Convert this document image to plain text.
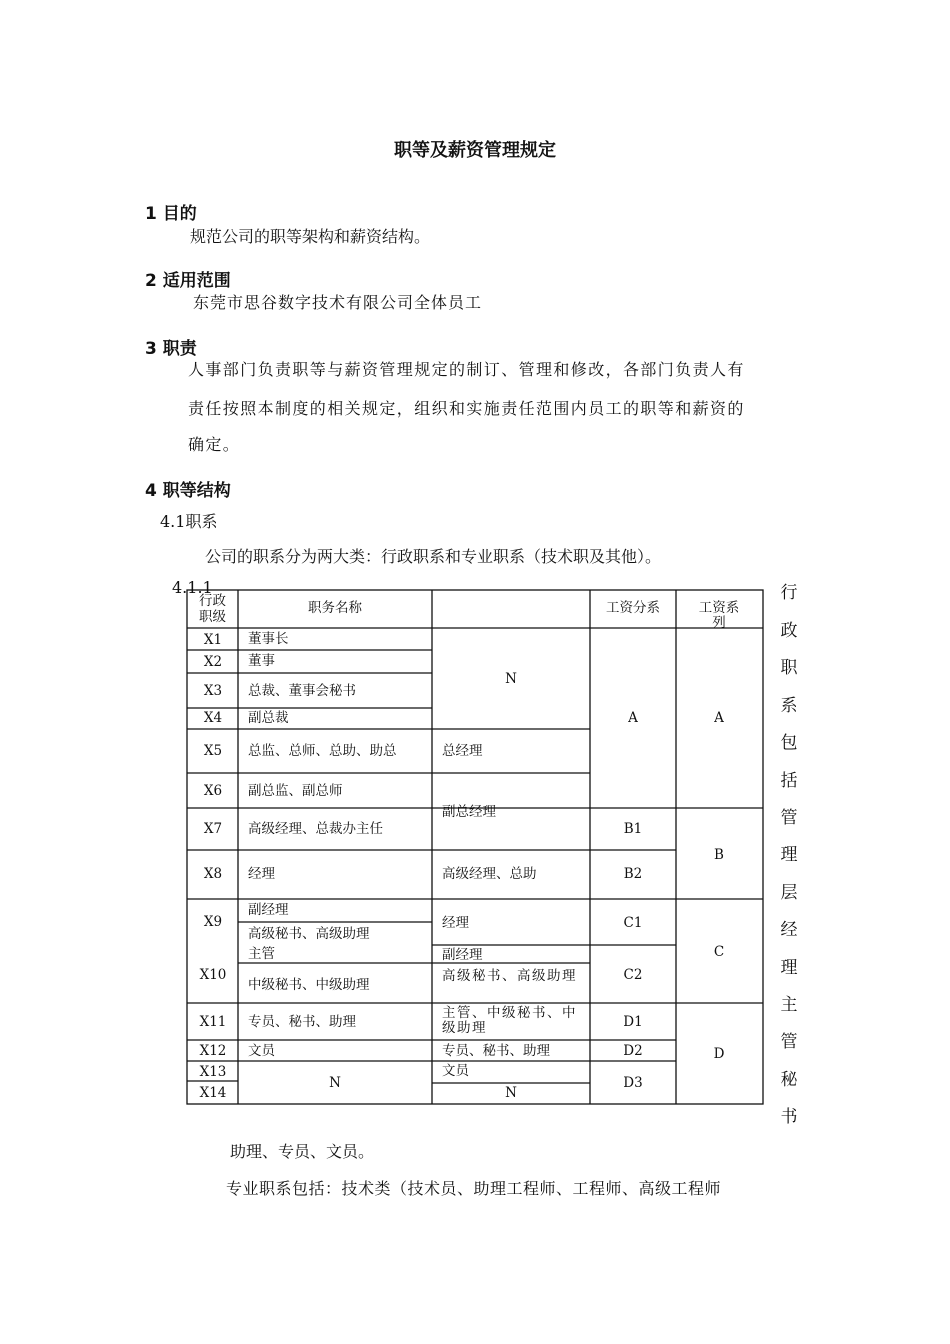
职等及薪资管理规定
1 目的
规范公司的职等架构和薪资结构。
2 适用范围
东莞市思谷数字技术有限公司全体员工
3 职责
人事部门负责职等与薪资管理规定的制订、管理和修改，各部门负责人有
责任按照本制度的相关规定，组织和实施责任范围内员工的职等和薪资的
确定。
4 职等结构
4.1职系
公司的职系分为两大类：行政职系和专业职系（技术职及其他）。
4.1.1
行政
职级
职务名称	工资分系	工资系列
X1
X2
X3
X4
X5
X6
X7
X8
X9
X10
X11
X12
X13
X14
董事长
董事
总裁、董事会秘书
副总裁
总监、总师、总助、助总
副总监、副总师
高级经理、总裁办主任
经理
副经理
高级秘书、高级助理
主管
中级秘书、中级助理
专员、秘书、助理
文员
N
N
总经理
副总经理
高级经理、总助
经理
副经理
高级秘书、高级助理
主管、中级秘书、中级助理
专员、秘书、助理
文员
N
A
B1
B2
C1
C2
D1
D2
D3
A
B
C
D
行
政
职
系
包
括
管
理
层
经
理
主
管
秘
书
助理、专员、文员。
专业职系包括：技术类（技术员、助理工程师、工程师、高级工程师
